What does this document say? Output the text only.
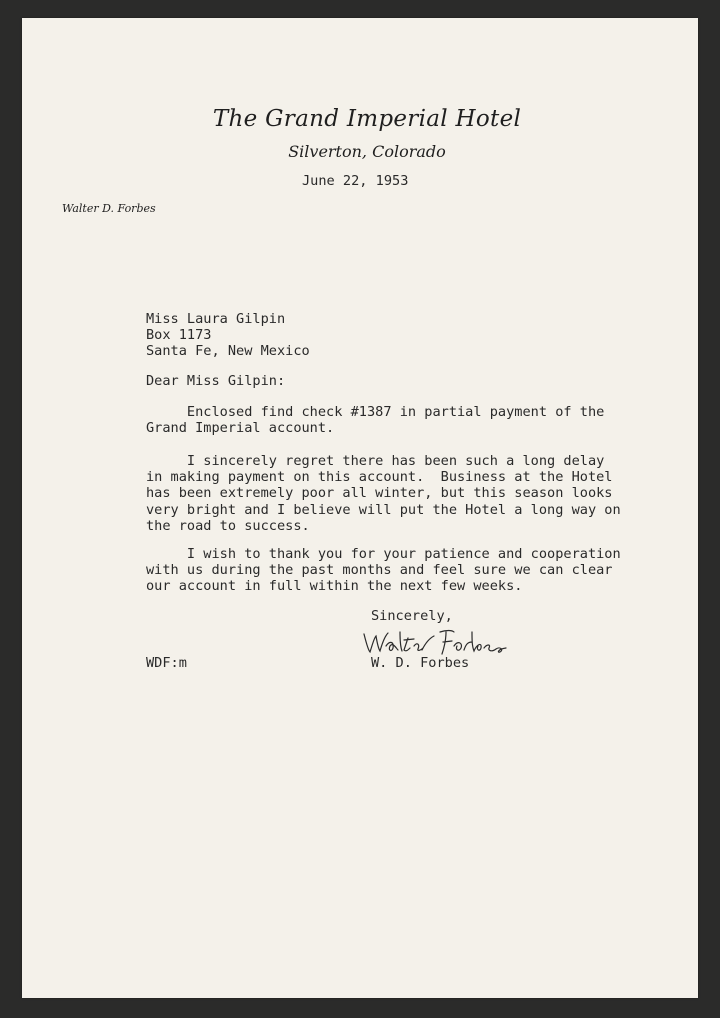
The Grand Imperial Hotel
Silverton, Colorado
Walter D. Forbes
June 22, 1953
Miss Laura Gilpin
Box 1173
Santa Fe, New Mexico
Dear Miss Gilpin:
Enclosed find check #1387 in partial payment of the
Grand Imperial account.
I sincerely regret there has been such a long delay
in making payment on this account.  Business at the Hotel
has been extremely poor all winter, but this season looks
very bright and I believe will put the Hotel a long way on
the road to success.
I wish to thank you for your patience and cooperation
with us during the past months and feel sure we can clear
our account in full within the next few weeks.
Sincerely,
WDF:m	W. D. Forbes
